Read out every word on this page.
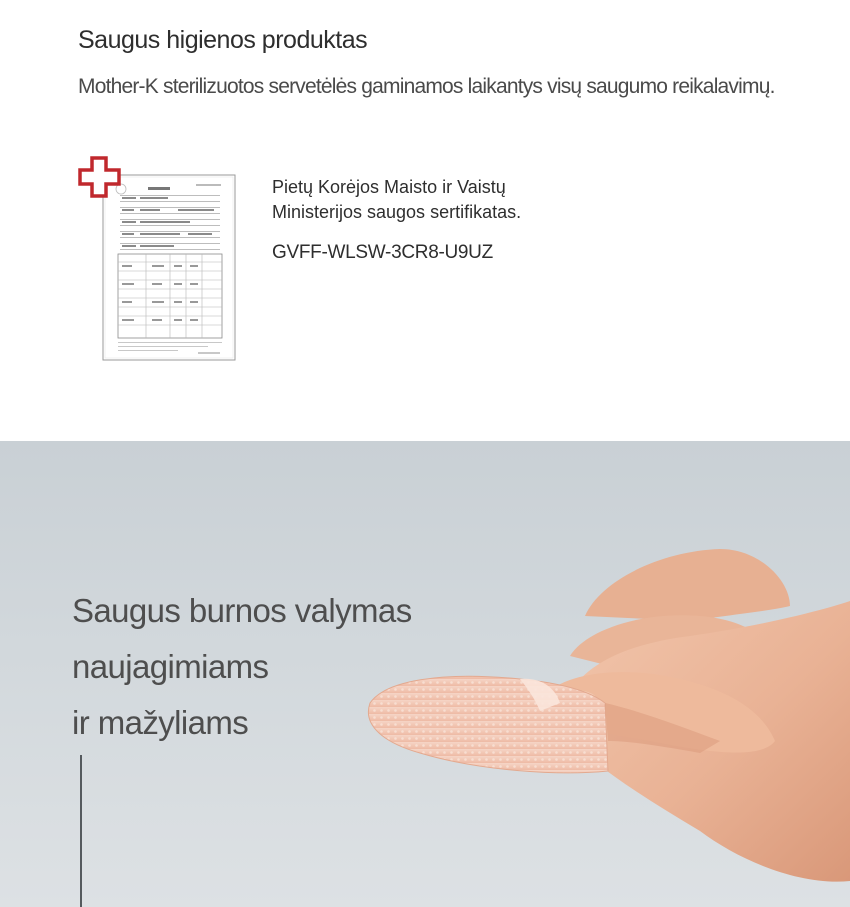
Saugus higienos produktas
Mother-K sterilizuotos servetėlės gaminamos laikantys visų saugumo reikalavimų.
Pietų Korėjos Maisto ir Vaistų
Ministerijos saugos sertifikatas.
GVFF-WLSW-3CR8-U9UZ
Saugus burnos valymas
naujagimiams
ir mažyliams
